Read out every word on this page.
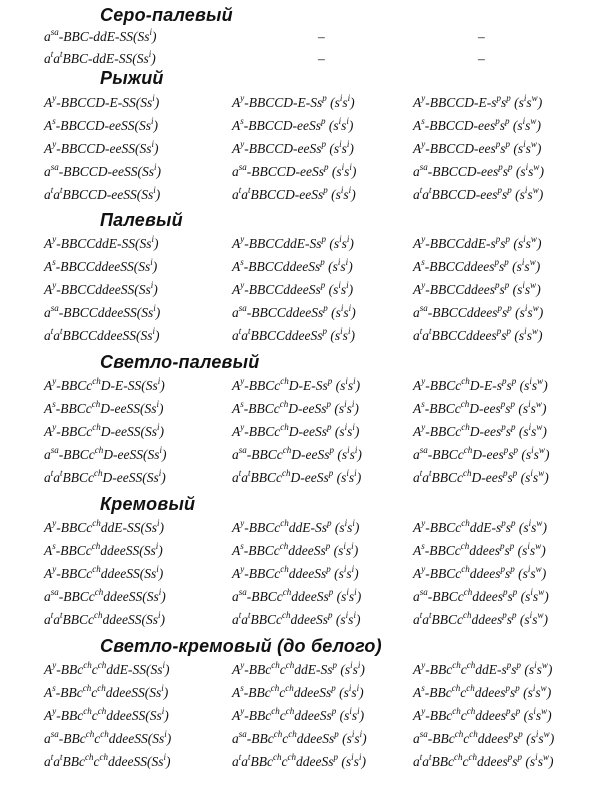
Серо-палевый
$a^{sa}-BBC-ddE-SS(Ss^i)$	–	–
$a^ta^tBBC-ddE-SS(Ss^i)$	–	–
Рыжий
$A^y-BBCCD-E-SS(Ss^i)$	$A^y-BBCCD-E-Ss^p$ $(s^is^i)$	$A^y-BBCCD-E-s^ps^p$ $(s^is^w)$
$A^s-BBCCD-eeSS(Ss^i)$	$A^s-BBCCD-eeSs^p$ $(s^is^i)$	$A^s-BBCCD-ees^ps^p$ $(s^is^w)$
$A^y-BBCCD-eeSS(Ss^i)$	$A^y-BBCCD-eeSs^p$ $(s^is^i)$	$A^y-BBCCD-ees^ps^p$ $(s^is^w)$
$a^{sa}-BBCCD-eeSS(Ss^i)$	$a^{sa}-BBCCD-eeSs^p$ $(s^is^i)$	$a^{sa}-BBCCD-ees^ps^p$ $(s^is^w)$
$a^ta^tBBCCD-eeSS(Ss^i)$	$a^ta^tBBCCD-eeSs^p$ $(s^is^i)$	$a^ta^tBBCCD-ees^ps^p$ $(s^is^w)$
Палевый
$A^y-BBCCddE-SS(Ss^i)$	$A^y-BBCCddE-Ss^p$ $(s^is^i)$	$A^y-BBCCddE-s^ps^p$ $(s^is^w)$
$A^s-BBCCddeeSS(Ss^i)$	$A^s-BBCCddeeSs^p$ $(s^is^i)$	$A^s-BBCCddees^ps^p$ $(s^is^w)$
$A^y-BBCCddeeSS(Ss^i)$	$A^y-BBCCddeeSs^p$ $(s^is^i)$	$A^y-BBCCddees^ps^p$ $(s^is^w)$
$a^{sa}-BBCCddeeSS(Ss^i)$	$a^{sa}-BBCCddeeSs^p$ $(s^is^i)$	$a^{sa}-BBCCddees^ps^p$ $(s^is^w)$
$a^ta^tBBCCddeeSS(Ss^i)$	$a^ta^tBBCCddeeSs^p$ $(s^is^i)$	$a^ta^tBBCCddees^ps^p$ $(s^is^w)$
Светло-палевый
$A^y-BBCc^{ch}D-E-SS(Ss^i)$	$A^y-BBCc^{ch}D-E-Ss^p$ $(s^is^i)$	$A^y-BBCc^{ch}D-E-s^ps^p$ $(s^is^w)$
$A^s-BBCc^{ch}D-eeSS(Ss^i)$	$A^s-BBCc^{ch}D-eeSs^p$ $(s^is^i)$	$A^s-BBCc^{ch}D-ees^ps^p$ $(s^is^w)$
$A^y-BBCc^{ch}D-eeSS(Ss^i)$	$A^y-BBCc^{ch}D-eeSs^p$ $(s^is^i)$	$A^y-BBCc^{ch}D-ees^ps^p$ $(s^is^w)$
$a^{sa}-BBCc^{ch}D-eeSS(Ss^i)$	$a^{sa}-BBCc^{ch}D-eeSs^p$ $(s^is^i)$	$a^{sa}-BBCc^{ch}D-ees^ps^p$ $(s^is^w)$
$a^ta^tBBCc^{ch}D-eeSS(Ss^i)$	$a^ta^tBBCc^{ch}D-eeSs^p$ $(s^is^i)$	$a^ta^tBBCc^{ch}D-ees^ps^p$ $(s^is^w)$
Кремовый
$A^y-BBCc^{ch}ddE-SS(Ss^i)$	$A^y-BBCc^{ch}ddE-Ss^p$ $(s^is^i)$	$A^y-BBCc^{ch}ddE-s^ps^p$ $(s^is^w)$
$A^s-BBCc^{ch}ddeeSS(Ss^i)$	$A^s-BBCc^{ch}ddeeSs^p$ $(s^is^i)$	$A^s-BBCc^{ch}ddees^ps^p$ $(s^is^w)$
$A^y-BBCc^{ch}ddeeSS(Ss^i)$	$A^y-BBCc^{ch}ddeeSs^p$ $(s^is^i)$	$A^y-BBCc^{ch}ddees^ps^p$ $(s^is^w)$
$a^{sa}-BBCc^{ch}ddeeSS(Ss^i)$	$a^{sa}-BBCc^{ch}ddeeSs^p$ $(s^is^i)$	$a^{sa}-BBCc^{ch}ddees^ps^p$ $(s^is^w)$
$a^ta^tBBCc^{ch}ddeeSS(Ss^i)$	$a^ta^tBBCc^{ch}ddeeSs^p$ $(s^is^i)$	$a^ta^tBBCc^{ch}ddees^ps^p$ $(s^is^w)$
Светло-кремовый (до белого)
$A^y-BBc^{ch}c^{ch}ddE-SS(Ss^i)$	$A^y-BBc^{ch}c^{ch}ddE-Ss^p$ $(s^is^i)$	$A^y-BBc^{ch}c^{ch}ddE-s^ps^p$ $(s^is^w)$
$A^s-BBc^{ch}c^{ch}ddeeSS(Ss^i)$	$A^s-BBc^{ch}c^{ch}ddeeSs^p$ $(s^is^i)$	$A^s-BBc^{ch}c^{ch}ddees^ps^p$ $(s^is^w)$
$A^y-BBc^{ch}c^{ch}ddeeSS(Ss^i)$	$A^y-BBc^{ch}c^{ch}ddeeSs^p$ $(s^is^i)$	$A^y-BBc^{ch}c^{ch}ddees^ps^p$ $(s^is^w)$
$a^{sa}-BBc^{ch}c^{ch}ddeeSS(Ss^i)$	$a^{sa}-BBc^{ch}c^{ch}ddeeSs^p$ $(s^is^i)$	$a^{sa}-BBc^{ch}c^{ch}ddees^ps^p$ $(s^is^w)$
$a^ta^tBBc^{ch}c^{ch}ddeeSS(Ss^i)$	$a^ta^tBBc^{ch}c^{ch}ddeeSs^p$ $(s^is^i)$	$a^ta^tBBc^{ch}c^{ch}ddees^ps^p$ $(s^is^w)$
